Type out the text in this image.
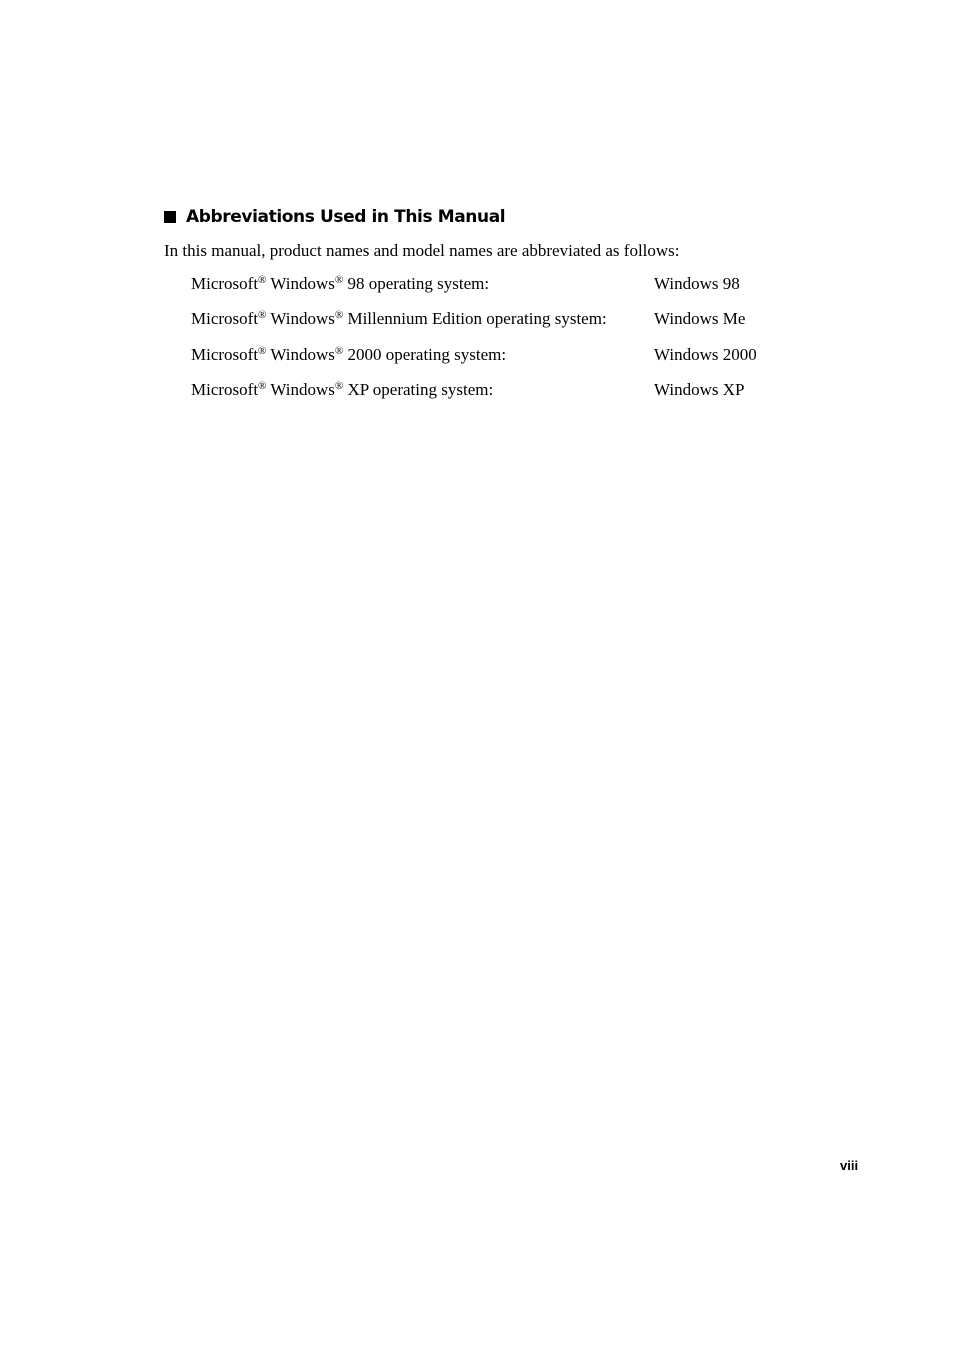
Abbreviations Used in This Manual
In this manual, product names and model names are abbreviated as follows:
Microsoft® Windows® 98 operating system:	Windows 98
Microsoft® Windows® Millennium Edition operating system:	Windows Me
Microsoft® Windows® 2000 operating system:	Windows 2000
Microsoft® Windows® XP operating system:	Windows XP
viii
